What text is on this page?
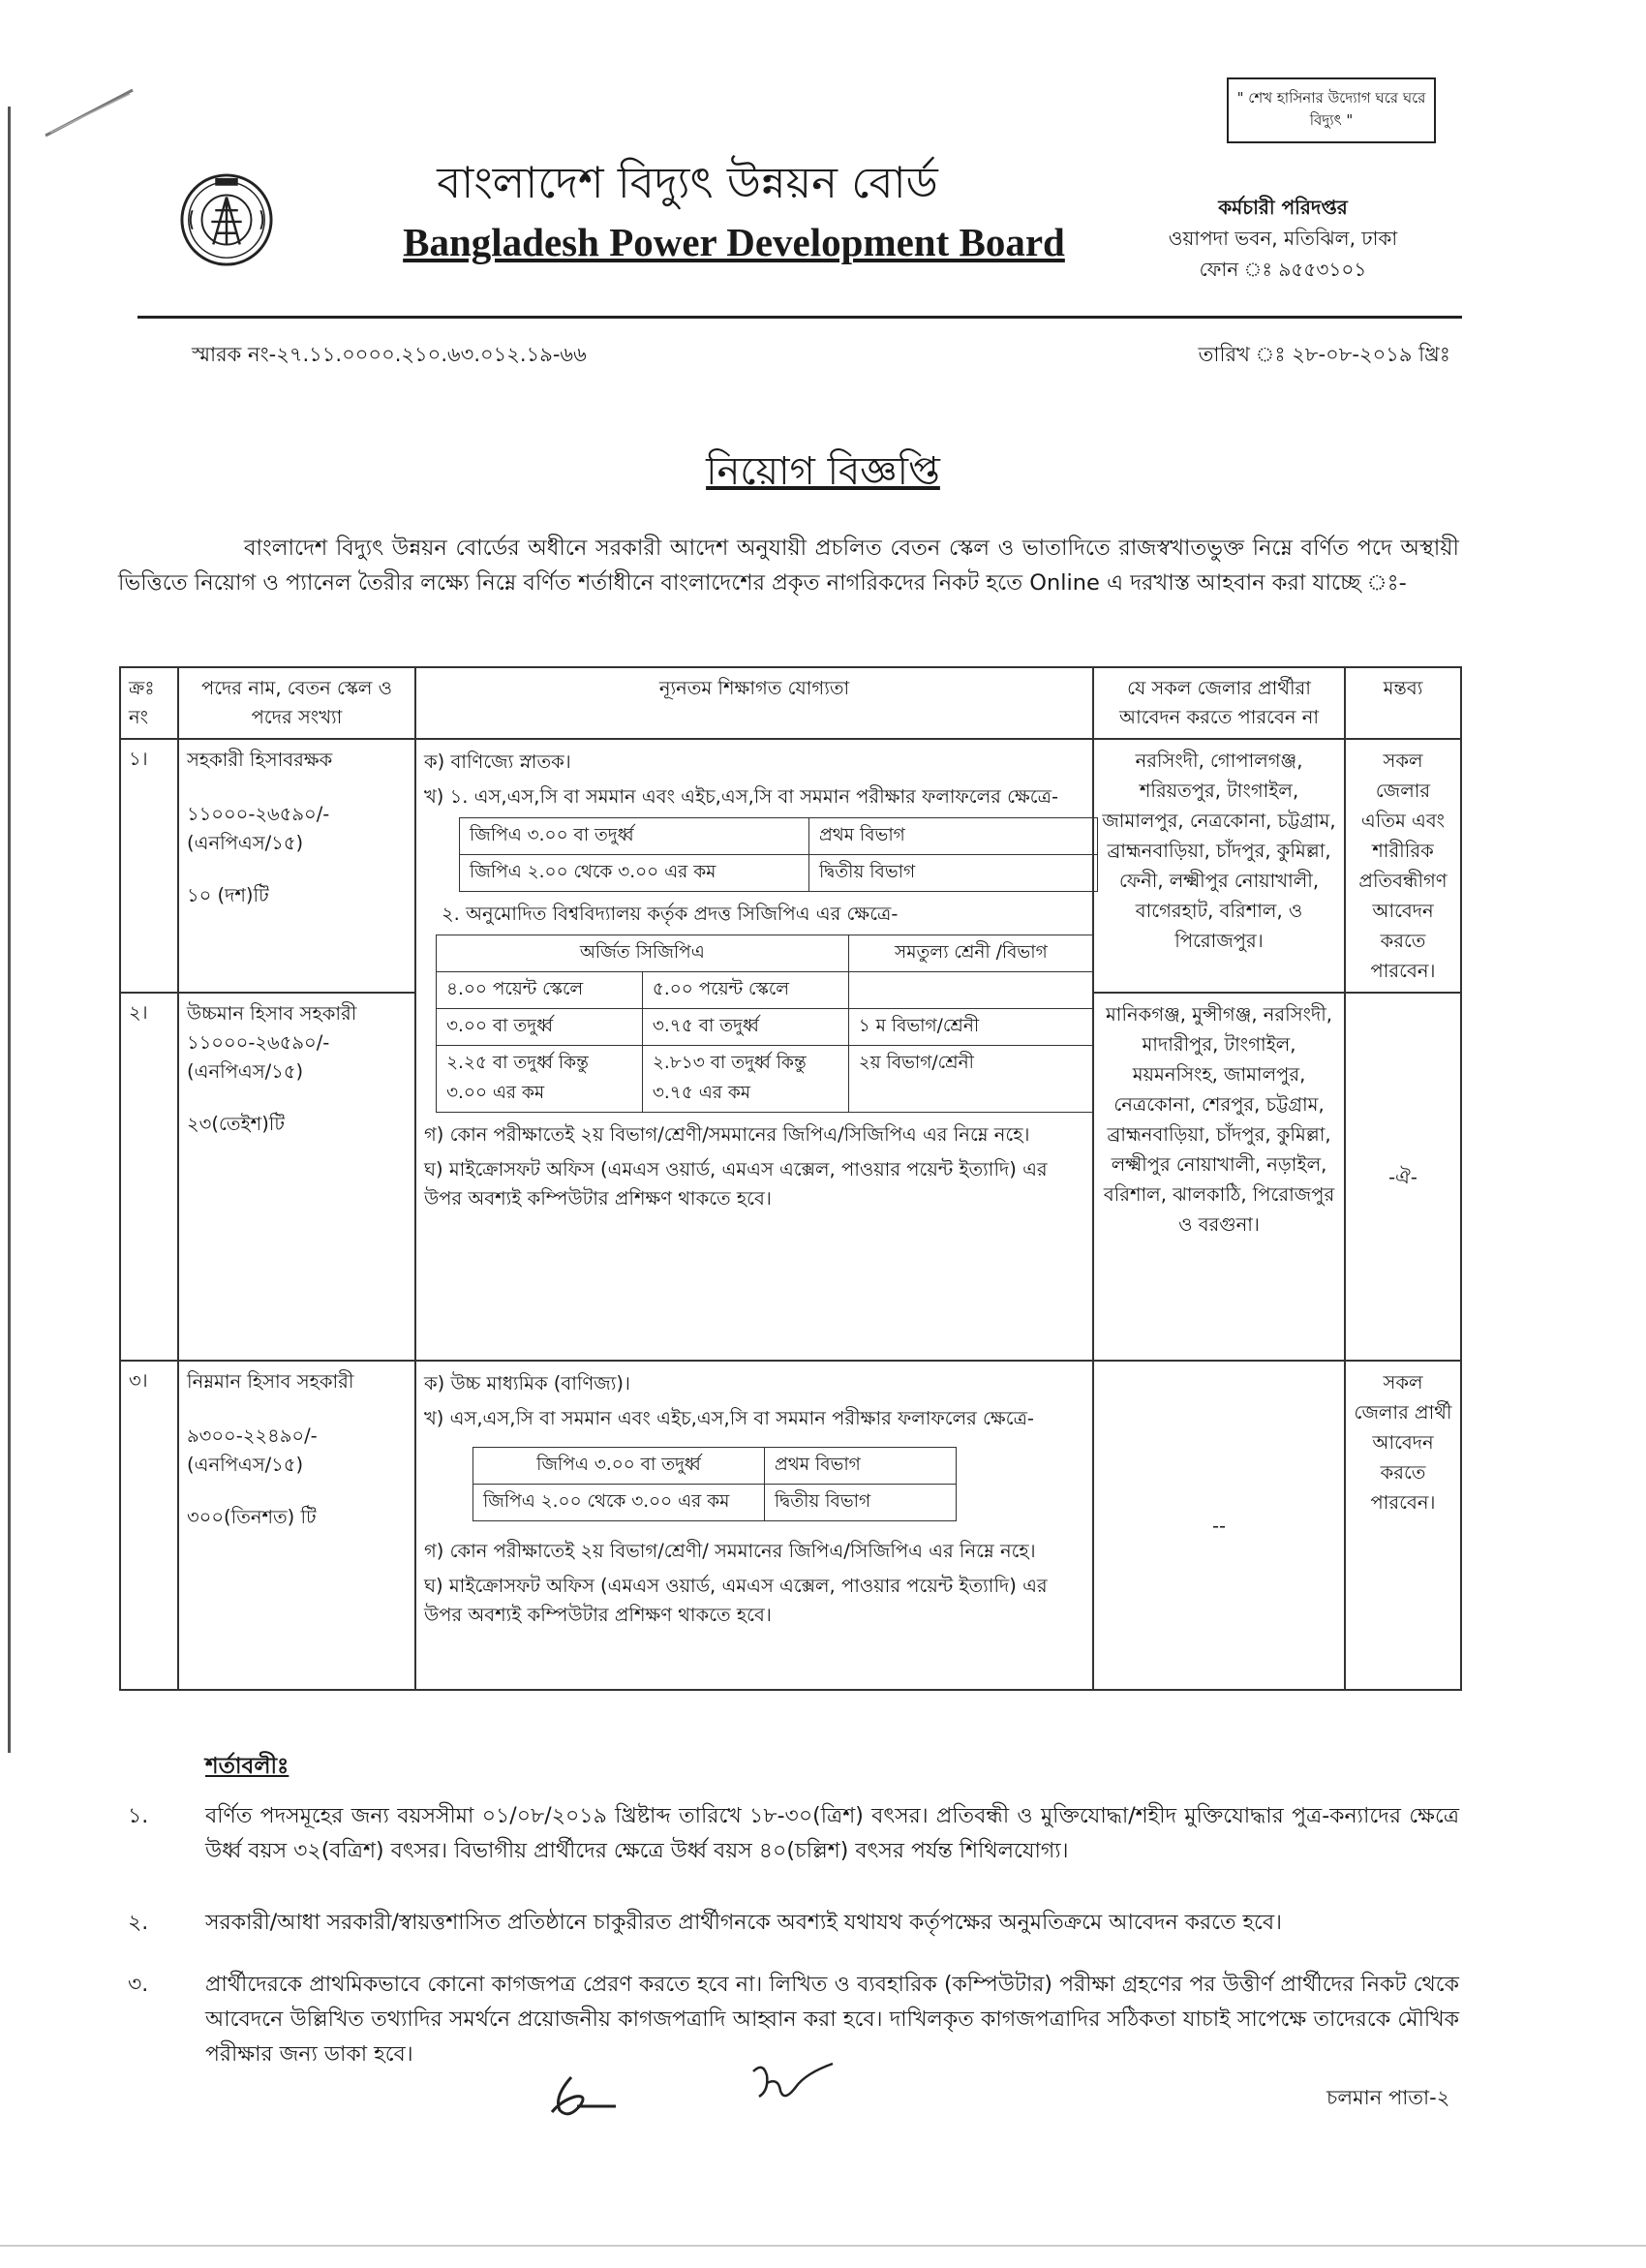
" শেখ হাসিনার উদ্যোগ ঘরে ঘরে বিদ্যুৎ "
বাংলাদেশ বিদ্যুৎ উন্নয়ন বোর্ড
Bangladesh Power Development Board
কর্মচারী পরিদপ্তর
ওয়াপদা ভবন, মতিঝিল, ঢাকা
ফোন ঃ ৯৫৫৩১০১
স্মারক নং-২৭.১১.০০০০.২১০.৬৩.০১২.১৯-৬৬	তারিখ ঃ ২৮-০৮-২০১৯ খ্রিঃ
নিয়োগ বিজ্ঞপ্তি
বাংলাদেশ বিদ্যুৎ উন্নয়ন বোর্ডের অধীনে সরকারী আদেশ অনুযায়ী প্রচলিত বেতন স্কেল ও ভাতাদিতে রাজস্বখাতভুক্ত নিম্নে বর্ণিত পদে অস্থায়ী ভিত্তিতে নিয়োগ ও প্যানেল তৈরীর লক্ষ্যে নিম্নে বর্ণিত শর্তাধীনে বাংলাদেশের প্রকৃত নাগরিকদের নিকট হতে Online এ দরখাস্ত আহবান করা যাচ্ছে ঃ-
ক্রঃ নং	পদের নাম, বেতন স্কেল ও পদের সংখ্যা	ন্যূনতম শিক্ষাগত যোগ্যতা	যে সকল জেলার প্রার্থীরা আবেদন করতে পারবেন না	মন্তব্য
১।	সহকারী হিসাবরক্ষক
১১০০০-২৬৫৯০/- (এনপিএস/১৫)
১০ (দশ)টি

ক) বাণিজ্যে স্নাতক।
খ) ১. এস,এস,সি বা সমমান এবং এইচ,এস,সি বা সমমান পরীক্ষার ফলাফলের ক্ষেত্রে-
জিপিএ ৩.০০ বা তদুর্ধ্ব	প্রথম বিভাগ
জিপিএ ২.০০ থেকে ৩.০০ এর কম	দ্বিতীয় বিভাগ
২. অনুমোদিত বিশ্ববিদ্যালয় কর্তৃক প্রদত্ত সিজিপিএ এর ক্ষেত্রে-
অর্জিত সিজিপিএ	সমতুল্য শ্রেনী /বিভাগ
৪.০০ পয়েন্ট স্কেলে	৫.০০ পয়েন্ট স্কেলে	
৩.০০ বা তদুর্ধ্ব	৩.৭৫ বা তদুর্ধ্ব	১ ম বিভাগ/শ্রেনী
২.২৫ বা তদুর্ধ্ব কিন্তু ৩.০০ এর কম	২.৮১৩ বা তদুর্ধ্ব কিন্তু ৩.৭৫ এর কম	২য় বিভাগ/শ্রেনী
গ) কোন পরীক্ষাতেই ২য় বিভাগ/শ্রেণী/সমমানের জিপিএ/সিজিপিএ এর নিম্নে নহে।
ঘ) মাইক্রোসফট অফিস (এমএস ওয়ার্ড, এমএস এক্সেল, পাওয়ার পয়েন্ট ইত্যাদি) এর উপর অবশ্যই কম্পিউটার প্রশিক্ষণ থাকতে হবে।
	নরসিংদী, গোপালগঞ্জ, শরিয়তপুর, টাংগাইল, জামালপুর, নেত্রকোনা, চট্টগ্রাম, ব্রাহ্মনবাড়িয়া, চাঁদপুর, কুমিল্লা, ফেনী, লক্ষ্মীপুর নোয়াখালী, বাগেরহাট, বরিশাল, ও পিরোজপুর।	সকল জেলার এতিম এবং শারীরিক প্রতিবন্ধীগণ আবেদন করতে পারবেন।
২।	উচ্চমান হিসাব সহকারী
১১০০০-২৬৫৯০/- (এনপিএস/১৫)
২৩(তেইশ)টি
	মানিকগঞ্জ, মুন্সীগঞ্জ, নরসিংদী, মাদারীপুর, টাংগাইল, ময়মনসিংহ, জামালপুর, নেত্রকোনা, শেরপুর, চট্টগ্রাম, ব্রাহ্মনবাড়িয়া, চাঁদপুর, কুমিল্লা, লক্ষ্মীপুর নোয়াখালী, নড়াইল, বরিশাল, ঝালকাঠি, পিরোজপুর ও বরগুনা।	-ঐ-
৩।	নিম্নমান হিসাব সহকারী
৯৩০০-২২৪৯০/- (এনপিএস/১৫)
৩০০(তিনশত) টি

ক) উচ্চ মাধ্যমিক (বাণিজ্য)।
খ) এস,এস,সি বা সমমান এবং এইচ,এস,সি বা সমমান পরীক্ষার ফলাফলের ক্ষেত্রে-
জিপিএ ৩.০০ বা তদুর্ধ্ব	প্রথম বিভাগ
জিপিএ ২.০০ থেকে ৩.০০ এর কম	দ্বিতীয় বিভাগ
গ) কোন পরীক্ষাতেই ২য় বিভাগ/শ্রেণী/ সমমানের জিপিএ/সিজিপিএ এর নিম্নে নহে।
ঘ) মাইক্রোসফট অফিস (এমএস ওয়ার্ড, এমএস এক্সেল, পাওয়ার পয়েন্ট ইত্যাদি) এর উপর অবশ্যই কম্পিউটার প্রশিক্ষণ থাকতে হবে।
	--	সকল জেলার প্রার্থী আবেদন করতে পারবেন।
শর্তাবলীঃ
১.	বর্ণিত পদসমূহের জন্য বয়সসীমা ০১/০৮/২০১৯ খ্রিষ্টাব্দ তারিখে ১৮-৩০(ত্রিশ) বৎসর। প্রতিবন্ধী ও মুক্তিযোদ্ধা/শহীদ মুক্তিযোদ্ধার পুত্র-কন্যাদের ক্ষেত্রে উর্ধ্ব বয়স ৩২(বত্রিশ) বৎসর। বিভাগীয় প্রার্থীদের ক্ষেত্রে উর্ধ্ব বয়স ৪০(চল্লিশ) বৎসর পর্যন্ত শিথিলযোগ্য।
২.	সরকারী/আধা সরকারী/স্বায়ত্তশাসিত প্রতিষ্ঠানে চাকুরীরত প্রার্থীগনকে অবশ্যই যথাযথ কর্তৃপক্ষের অনুমতিক্রমে আবেদন করতে হবে।
৩.	প্রার্থীদেরকে প্রাথমিকভাবে কোনো কাগজপত্র প্রেরণ করতে হবে না। লিখিত ও ব্যবহারিক (কম্পিউটার) পরীক্ষা গ্রহণের পর উত্তীর্ণ প্রার্থীদের নিকট থেকে আবেদনে উল্লিখিত তথ্যাদির সমর্থনে প্রয়োজনীয় কাগজপত্রাদি আহ্বান করা হবে। দাখিলকৃত কাগজপত্রাদির সঠিকতা যাচাই সাপেক্ষে তাদেরকে মৌখিক পরীক্ষার জন্য ডাকা হবে।
চলমান পাতা-২
